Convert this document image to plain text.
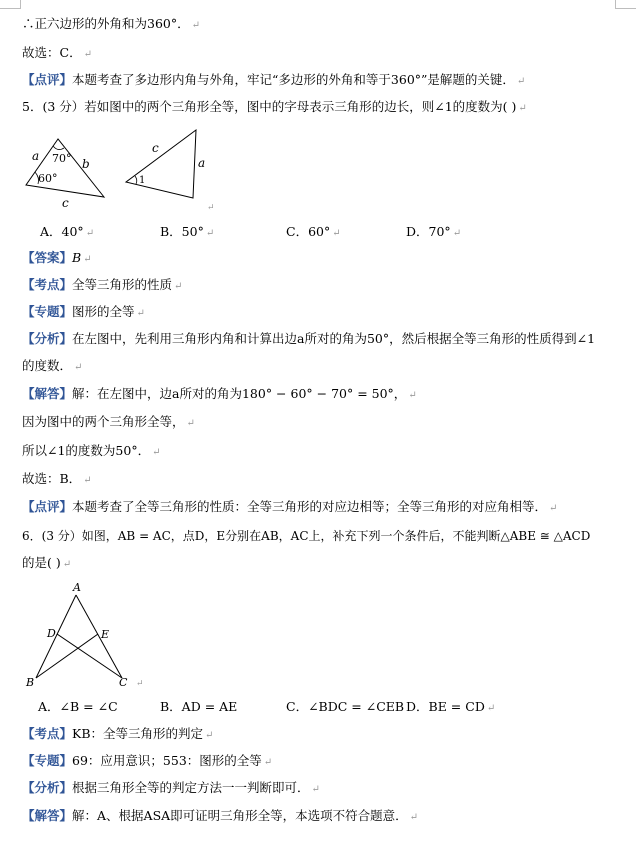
∴正六边形的外角和为360°． ↵
故选：C． ↵
【点评】本题考查了多边形内角与外角，牢记“多边形的外角和等于360°”是解题的关键． ↵
5．(3 分）若如图中的两个三角形全等，图中的字母表示三角形的边长，则∠1的度数为( ) ↵
a 70° b
60°
c
c
a
1
↵
A．40° ↵	B．50° ↵	C．60° ↵	D．70° ↵
【答案】B ↵
【考点】全等三角形的性质 ↵
【专题】图形的全等 ↵
【分析】在左图中，先利用三角形内角和计算出边a所对的角为50°，然后根据全等三角形的性质得到∠1
的度数． ↵
【解答】解：在左图中，边a所对的角为180° − 60° − 70° = 50°， ↵
因为图中的两个三角形全等， ↵
所以∠1的度数为50°． ↵
故选：B． ↵
【点评】本题考查了全等三角形的性质：全等三角形的对应边相等；全等三角形的对应角相等． ↵
6．(3 分）如图，AB = AC，点D，E分别在AB，AC上，补充下列一个条件后，不能判断△ABE ≅ △ACD
的是( ) ↵
A
D	E
B	C ↵
A．∠B = ∠C	B．AD = AE	C．∠BDC = ∠CEB D．BE = CD ↵
【考点】KB：全等三角形的判定 ↵
【专题】69：应用意识；553：图形的全等 ↵
【分析】根据三角形全等的判定方法一一判断即可． ↵
【解答】解：A、根据ASA即可证明三角形全等，本选项不符合题意． ↵
